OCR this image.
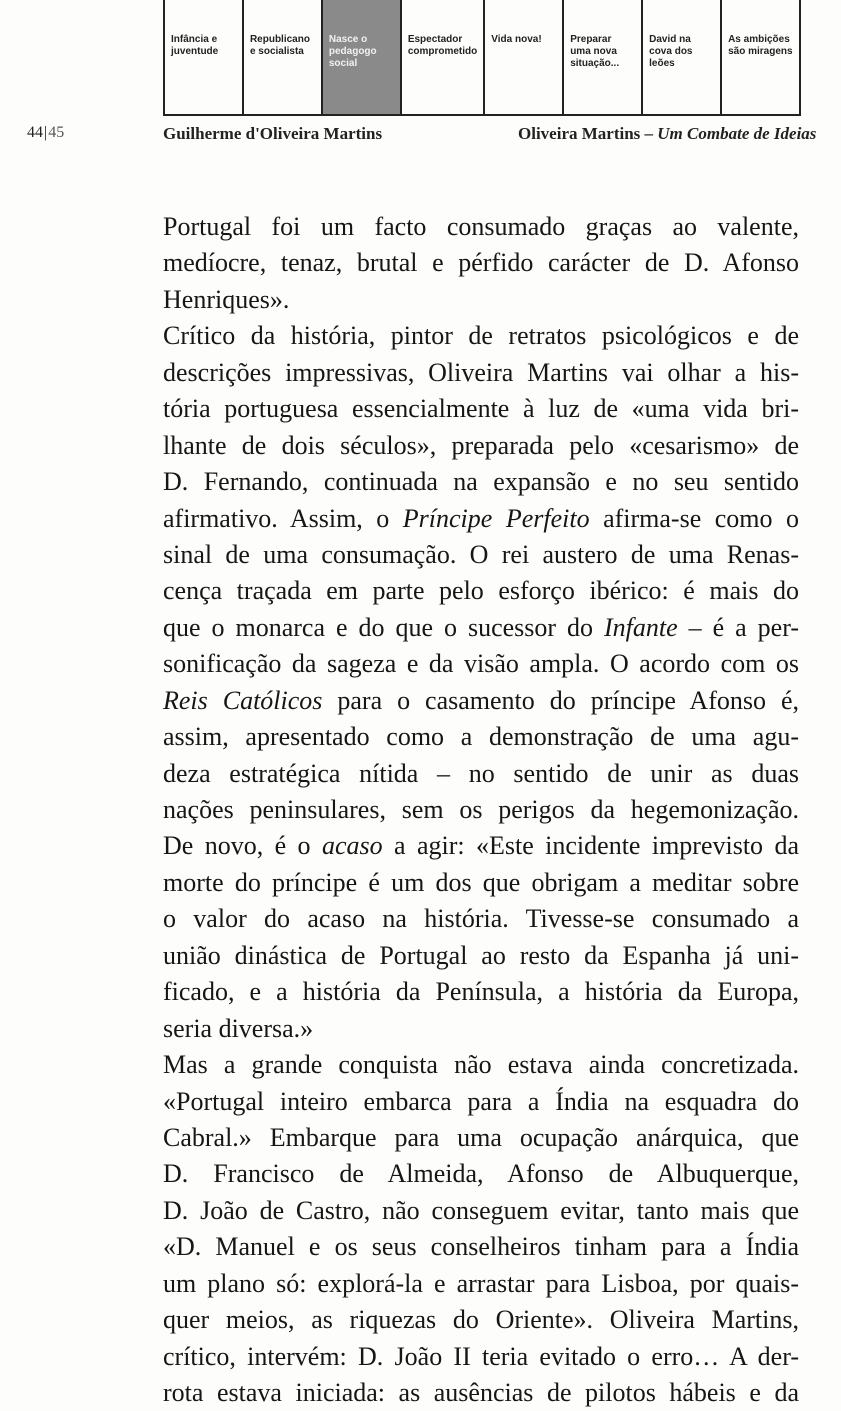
Infância e
juventude
Republicano
e socialista
Nasce o
pedagogo
social
Espectador
comprometido
Vida nova!	Preparar
uma nova
situação...
David na
cova dos
leões
As ambições
são miragens
44|45	Guilherme d'Oliveira Martins	Oliveira Martins – Um Combate de Ideias
Portugal foi um facto consumado graças ao valente,
medíocre, tenaz, brutal e pérfido carácter de D. Afonso
Henriques».
Crítico da história, pintor de retratos psicológicos e de
descrições impressivas, Oliveira Martins vai olhar a his-
tória portuguesa essencialmente à luz de «uma vida bri-
lhante de dois séculos», preparada pelo «cesarismo» de
D. Fernando, continuada na expansão e no seu sentido
afirmativo. Assim, o Príncipe Perfeito afirma-se como o
sinal de uma consumação. O rei austero de uma Renas-
cença traçada em parte pelo esforço ibérico: é mais do
que o monarca e do que o sucessor do Infante – é a per-
sonificação da sageza e da visão ampla. O acordo com os
Reis Católicos para o casamento do príncipe Afonso é,
assim, apresentado como a demonstração de uma agu-
deza estratégica nítida – no sentido de unir as duas
nações peninsulares, sem os perigos da hegemonização.
De novo, é o acaso a agir: «Este incidente imprevisto da
morte do príncipe é um dos que obrigam a meditar sobre
o valor do acaso na história. Tivesse-se consumado a
união dinástica de Portugal ao resto da Espanha já uni-
ficado, e a história da Península, a história da Europa,
seria diversa.»
Mas a grande conquista não estava ainda concretizada.
«Portugal inteiro embarca para a Índia na esquadra do
Cabral.» Embarque para uma ocupação anárquica, que
D. Francisco de Almeida, Afonso de Albuquerque,
D. João de Castro, não conseguem evitar, tanto mais que
«D. Manuel e os seus conselheiros tinham para a Índia
um plano só: explorá-la e arrastar para Lisboa, por quais-
quer meios, as riquezas do Oriente». Oliveira Martins,
crítico, intervém: D. João II teria evitado o erro… A der-
rota estava iniciada: as ausências de pilotos hábeis e da
